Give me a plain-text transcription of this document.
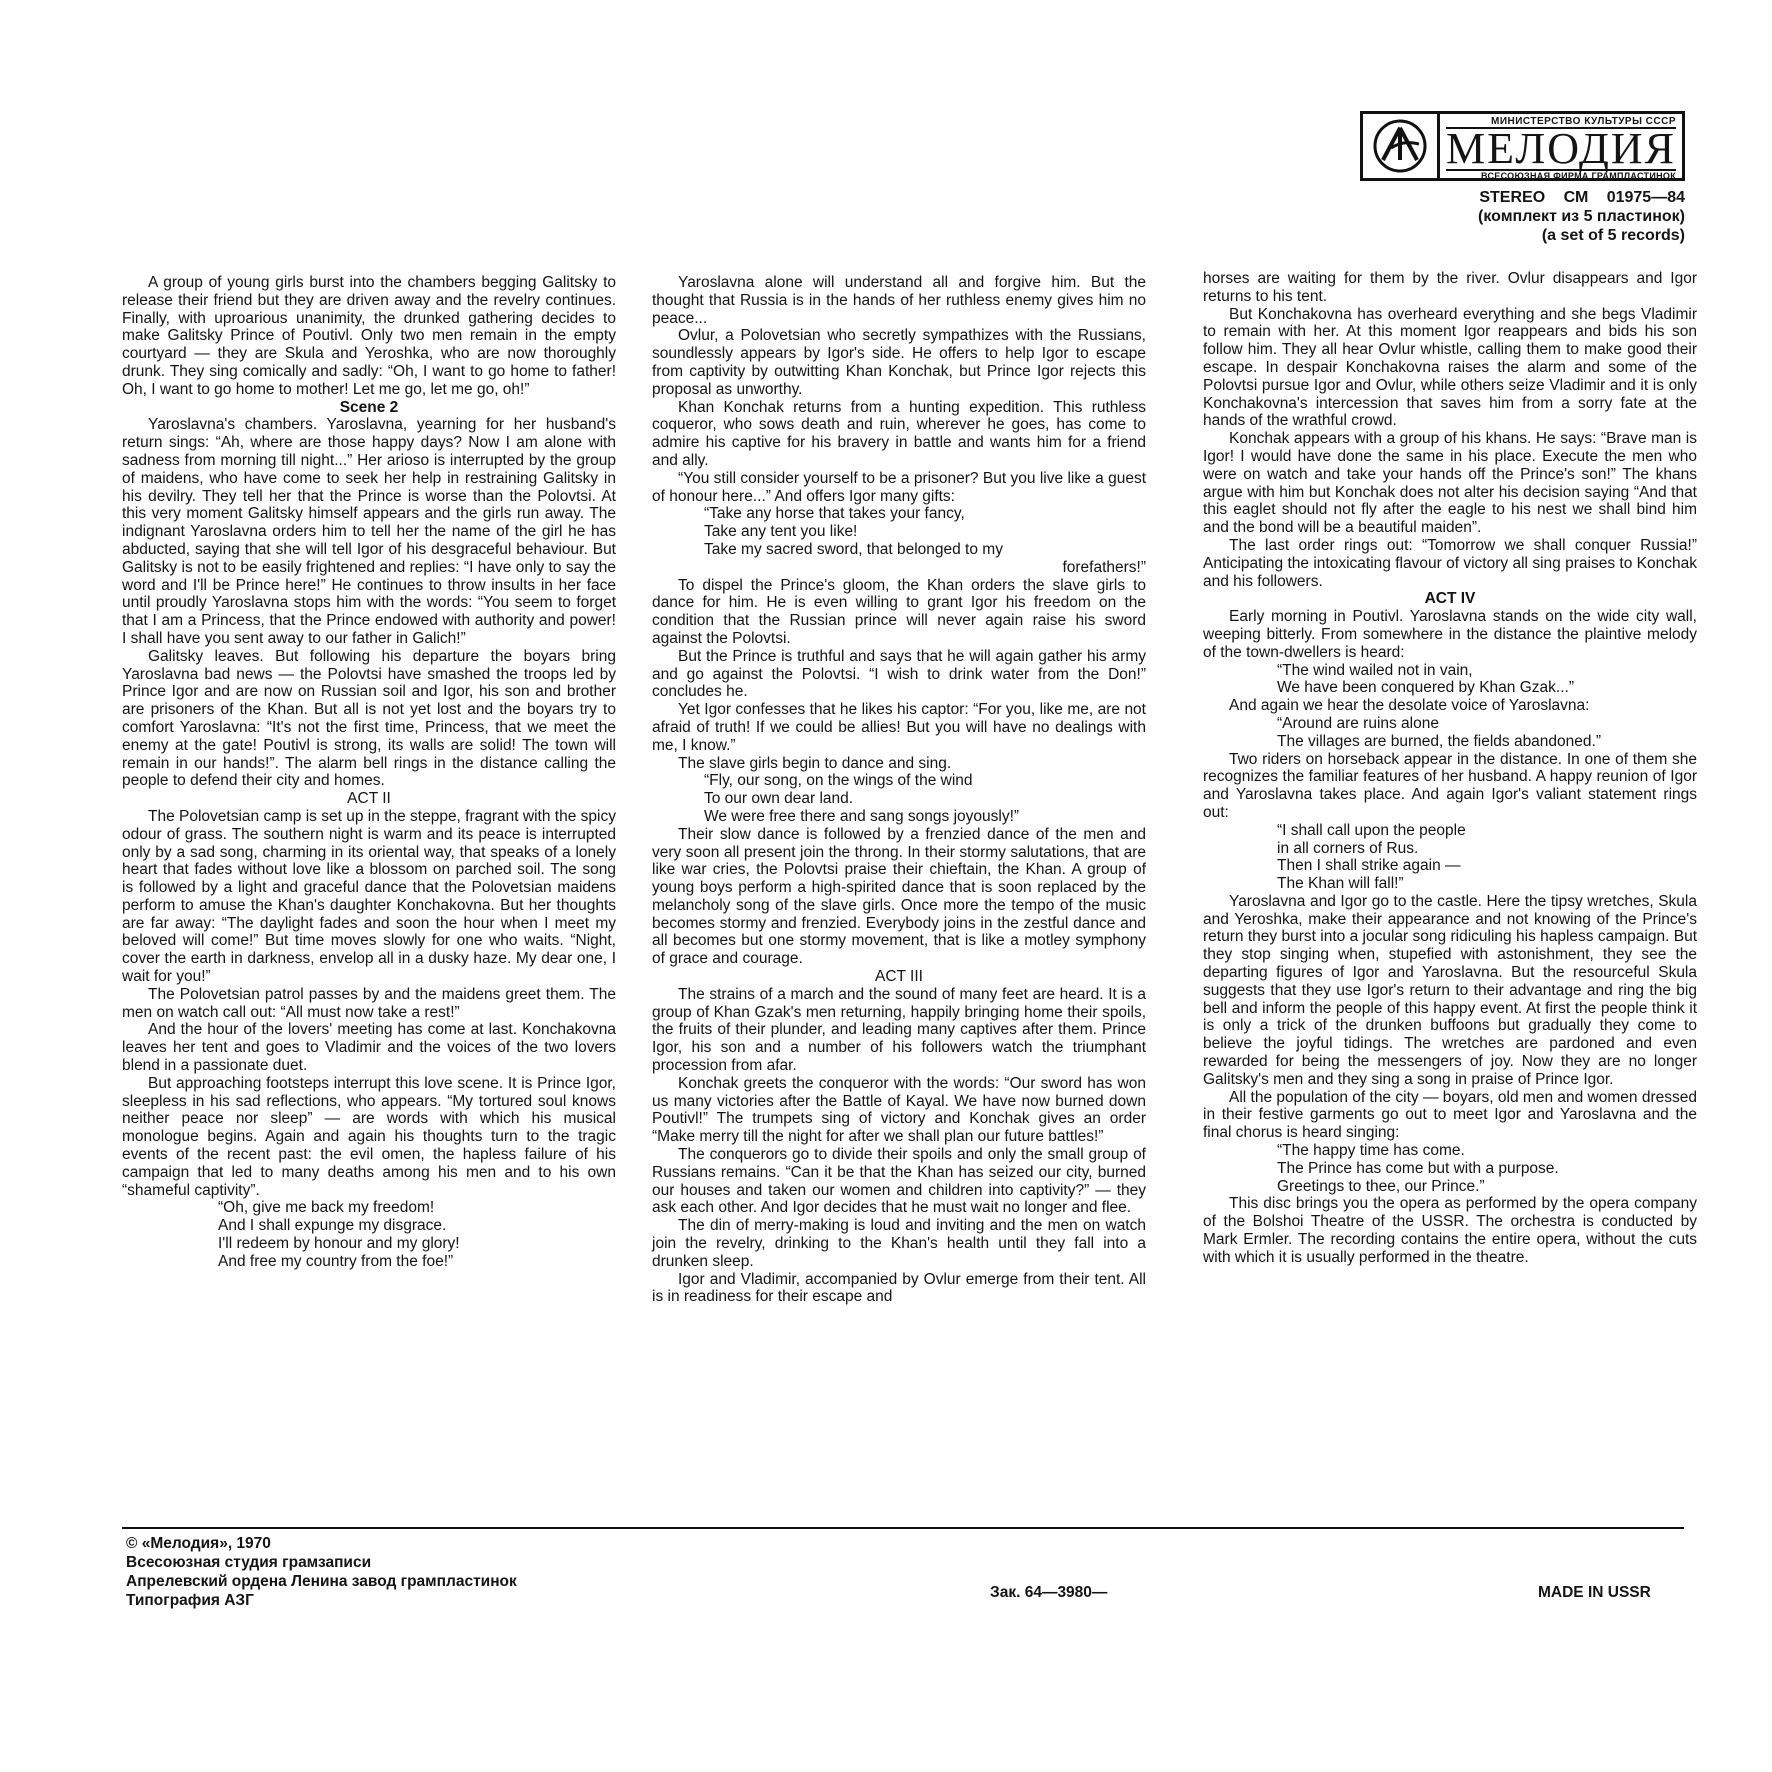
МИНИСТЕРСТВО КУЛЬТУРЫ СССР
МЕЛОДИЯ
ВСЕСОЮЗНАЯ ФИРМА ГРАМПЛАСТИНОК
STEREO СМ 01975—84
(комплект из 5 пластинок)
(a set of 5 records)

A group of young girls burst into the chambers begging Galitsky to release their friend but they are driven away and the revelry continues. Finally, with uproarious unanimity, the drunked gathering decides to make Galitsky Prince of Poutivl. Only two men remain in the empty courtyard — they are Skula and Yeroshka, who are now thoroughly drunk. They sing comically and sadly: “Oh, I want to go home to father! Oh, I want to go home to mother! Let me go, let me go, oh!”

Scene 2

Yaroslavna's chambers. Yaroslavna, yearning for her husband's return sings: “Ah, where are those happy days? Now I am alone with sadness from morning till night...” Her arioso is interrupted by the group of maidens, who have come to seek her help in restraining Galitsky in his devilry. They tell her that the Prince is worse than the Polovtsi. At this very moment Galitsky himself appears and the girls run away. The indignant Yaroslavna orders him to tell her the name of the girl he has abducted, saying that she will tell Igor of his desgraceful behaviour. But Galitsky is not to be easily frightened and replies: “I have only to say the word and I'll be Prince here!” He continues to throw insults in her face until proudly Yaroslavna stops him with the words: “You seem to forget that I am a Princess, that the Prince endowed with authority and power! I shall have you sent away to our father in Galich!”

Galitsky leaves. But following his departure the boyars bring Yaroslavna bad news — the Polovtsi have smashed the troops led by Prince Igor and are now on Russian soil and Igor, his son and brother are prisoners of the Khan. But all is not yet lost and the boyars try to comfort Yaroslavna: “It's not the first time, Princess, that we meet the enemy at the gate! Poutivl is strong, its walls are solid! The town will remain in our hands!”. The alarm bell rings in the distance calling the people to defend their city and homes.

ACT II

The Polovetsian camp is set up in the steppe, fragrant with the spicy odour of grass. The southern night is warm and its peace is interrupted only by a sad song, charming in its oriental way, that speaks of a lonely heart that fades without love like a blossom on parched soil. The song is followed by a light and graceful dance that the Polovetsian maidens perform to amuse the Khan's daughter Konchakovna. But her thoughts are far away: “The daylight fades and soon the hour when I meet my beloved will come!” But time moves slowly for one who waits. “Night, cover the earth in darkness, envelop all in a dusky haze. My dear one, I wait for you!”

The Polovetsian patrol passes by and the maidens greet them. The men on watch call out: “All must now take a rest!”

And the hour of the lovers' meeting has come at last. Konchakovna leaves her tent and goes to Vladimir and the voices of the two lovers blend in a passionate duet.

But approaching footsteps interrupt this love scene. It is Prince Igor, sleepless in his sad reflections, who appears. “My tortured soul knows neither peace nor sleep” — are words with which his musical monologue begins. Again and again his thoughts turn to the tragic events of the recent past: the evil omen, the hapless failure of his campaign that led to many deaths among his men and to his own “shameful captivity”.

“Oh, give me back my freedom!

And I shall expunge my disgrace.

I'll redeem by honour and my glory!

And free my country from the foe!”

Yaroslavna alone will understand all and forgive him. But the thought that Russia is in the hands of her ruthless enemy gives him no peace...

Ovlur, a Polovetsian who secretly sympathizes with the Russians, soundlessly appears by Igor's side. He offers to help Igor to escape from captivity by outwitting Khan Konchak, but Prince Igor rejects this proposal as unworthy.

Khan Konchak returns from a hunting expedition. This ruthless coqueror, who sows death and ruin, wherever he goes, has come to admire his captive for his bravery in battle and wants him for a friend and ally.

“You still consider yourself to be a prisoner? But you live like a guest of honour here...” And offers Igor many gifts:

“Take any horse that takes your fancy,

Take any tent you like!

Take my sacred sword, that belonged to my

forefathers!”

To dispel the Prince's gloom, the Khan orders the slave girls to dance for him. He is even willing to grant Igor his freedom on the condition that the Russian prince will never again raise his sword against the Polovtsi.

But the Prince is truthful and says that he will again gather his army and go against the Polovtsi. “I wish to drink water from the Don!” concludes he.

Yet Igor confesses that he likes his captor: “For you, like me, are not afraid of truth! If we could be allies! But you will have no dealings with me, I know.”

The slave girls begin to dance and sing.

“Fly, our song, on the wings of the wind

To our own dear land.

We were free there and sang songs joyously!”

Their slow dance is followed by a frenzied dance of the men and very soon all present join the throng. In their stormy salutations, that are like war cries, the Polovtsi praise their chieftain, the Khan. A group of young boys perform a high-spirited dance that is soon replaced by the melancholy song of the slave girls. Once more the tempo of the music becomes stormy and frenzied. Everybody joins in the zestful dance and all becomes but one stormy movement, that is like a motley symphony of grace and courage.

ACT III

The strains of a march and the sound of many feet are heard. It is a group of Khan Gzak's men returning, happily bringing home their spoils, the fruits of their plunder, and leading many captives after them. Prince Igor, his son and a number of his followers watch the triumphant procession from afar.

Konchak greets the conqueror with the words: “Our sword has won us many victories after the Battle of Kayal. We have now burned down Poutivl!” The trumpets sing of victory and Konchak gives an order “Make merry till the night for after we shall plan our future battles!”

The conquerors go to divide their spoils and only the small group of Russians remains. “Can it be that the Khan has seized our city, burned our houses and taken our women and children into captivity?” — they ask each other. And Igor decides that he must wait no longer and flee.

The din of merry-making is loud and inviting and the men on watch join the revelry, drinking to the Khan's health until they fall into a drunken sleep.

Igor and Vladimir, accompanied by Ovlur emerge from their tent. All is in readiness for their escape and

horses are waiting for them by the river. Ovlur disappears and Igor returns to his tent.

But Konchakovna has overheard everything and she begs Vladimir to remain with her. At this moment Igor reappears and bids his son follow him. They all hear Ovlur whistle, calling them to make good their escape. In despair Konchakovna raises the alarm and some of the Polovtsi pursue Igor and Ovlur, while others seize Vladimir and it is only Konchakovna's intercession that saves him from a sorry fate at the hands of the wrathful crowd.

Konchak appears with a group of his khans. He says: “Brave man is Igor! I would have done the same in his place. Execute the men who were on watch and take your hands off the Prince's son!” The khans argue with him but Konchak does not alter his decision saying “And that this eaglet should not fly after the eagle to his nest we shall bind him and the bond will be a beautiful maiden”.

The last order rings out: “Tomorrow we shall conquer Russia!” Anticipating the intoxicating flavour of victory all sing praises to Konchak and his followers.

ACT IV

Early morning in Poutivl. Yaroslavna stands on the wide city wall, weeping bitterly. From somewhere in the distance the plaintive melody of the town-dwellers is heard:

“The wind wailed not in vain,

We have been conquered by Khan Gzak...”

And again we hear the desolate voice of Yaroslavna:

“Around are ruins alone

The villages are burned, the fields abandoned.”

Two riders on horseback appear in the distance. In one of them she recognizes the familiar features of her husband. A happy reunion of Igor and Yaroslavna takes place. And again Igor's valiant statement rings out:

“I shall call upon the people

in all corners of Rus.

Then I shall strike again —

The Khan will fall!”

Yaroslavna and Igor go to the castle. Here the tipsy wretches, Skula and Yeroshka, make their appearance and not knowing of the Prince's return they burst into a jocular song ridiculing his hapless campaign. But they stop singing when, stupefied with astonishment, they see the departing figures of Igor and Yaroslavna. But the resourceful Skula suggests that they use Igor's return to their advantage and ring the big bell and inform the people of this happy event. At first the people think it is only a trick of the drunken buffoons but gradually they come to believe the joyful tidings. The wretches are pardoned and even rewarded for being the messengers of joy. Now they are no longer Galitsky's men and they sing a song in praise of Prince Igor.

All the population of the city — boyars, old men and women dressed in their festive garments go out to meet Igor and Yaroslavna and the final chorus is heard singing:

“The happy time has come.

The Prince has come but with a purpose.

Greetings to thee, our Prince.”

This disc brings you the opera as performed by the opera company of the Bolshoi Theatre of the USSR. The orchestra is conducted by Mark Ermler. The recording contains the entire opera, without the cuts with which it is usually performed in the theatre.

© «Мелодия», 1970
Всесоюзная студия грамзаписи
Апрелевский ордена Ленина завод грампластинок
Типография АЗГ	Зак. 64—3980—	MADE IN USSR
